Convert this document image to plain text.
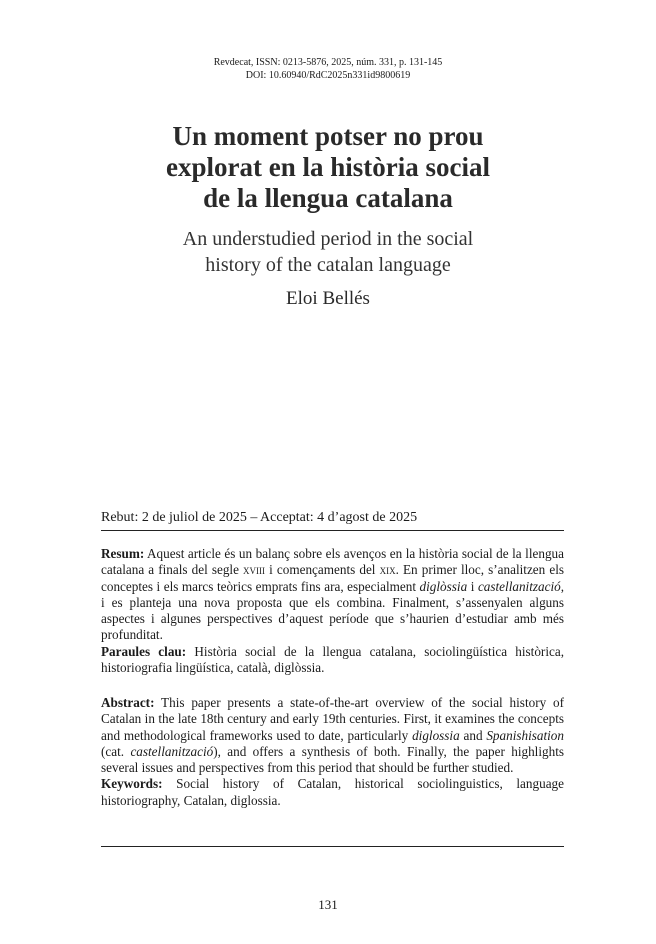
Revdecat, ISSN: 0213-5876, 2025, núm. 331, p. 131-145
DOI: 10.60940/RdC2025n331id9800619
Un moment potser no prou
explorat en la història social
de la llengua catalana
An understudied period in the social
history of the catalan language
Eloi Bellés
Rebut: 2 de juliol de 2025 – Acceptat: 4 d’agost de 2025

Resum: Aquest article és un balanç sobre els avenços en la història social de la llengua catalana a finals del segle xviii i començaments del xix. En primer lloc, s’analitzen els conceptes i els marcs teòrics emprats fins ara, especialment diglòssia i castellanització, i es planteja una nova proposta que els combina. Finalment, s’assenyalen alguns aspectes i algunes perspectives d’aquest període que s’haurien d’estudiar amb més profunditat.

Paraules clau: Història social de la llengua catalana, sociolingüística històrica, historiografia lingüística, català, diglòssia.

Abstract: This paper presents a state-of-the-art overview of the social history of Catalan in the late 18th century and early 19th centuries. First, it examines the concepts and methodological frameworks used to date, particularly diglossia and Spanishisation (cat. castellanització), and offers a synthesis of both. Finally, the paper highlights several issues and perspectives from this period that should be further studied.

Keywords: Social history of Catalan, historical sociolinguistics, language historiography, Catalan, diglossia.

131
